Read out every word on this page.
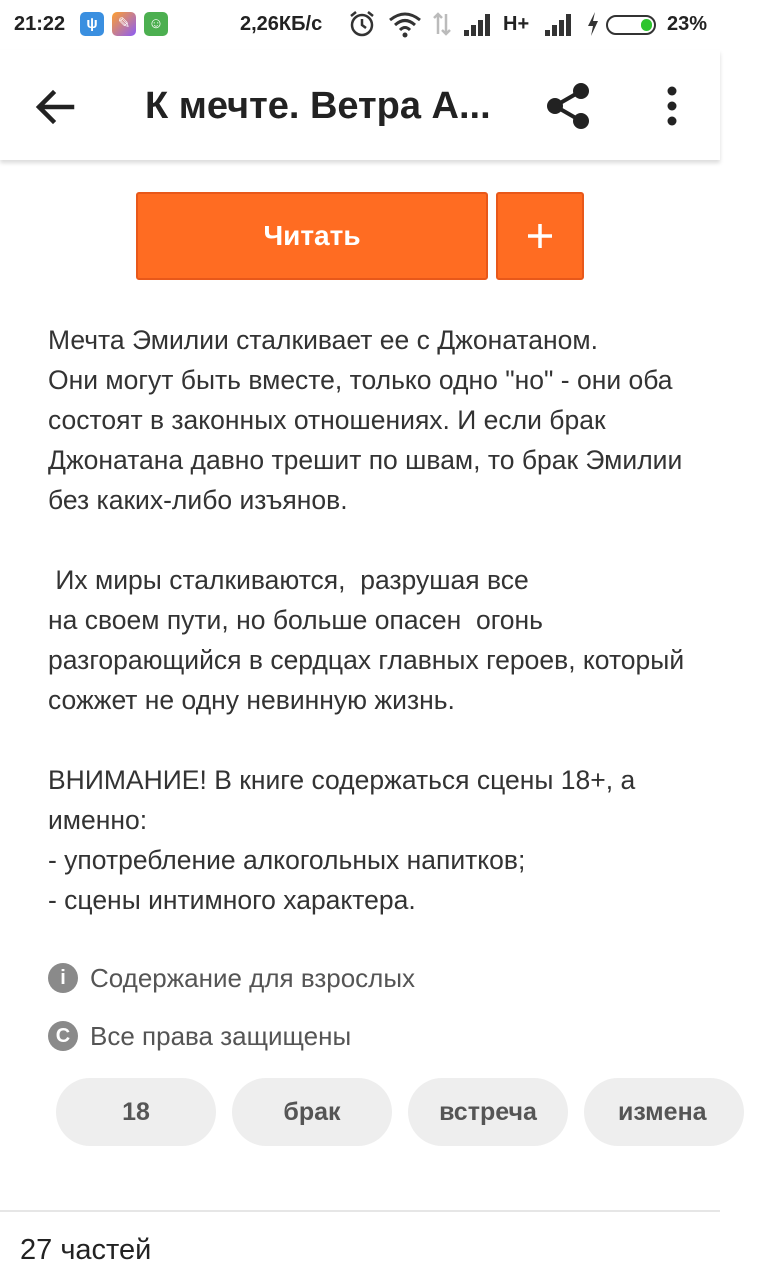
21:22	ψ	✎	☺	2,26КБ/с	H+	23%
К мечте. Ветра А...
Читать

Мечта Эмилии сталкивает ее с Джонатаном.
Они могут быть вместе, только одно "но" - они оба состоят в законных отношениях. И если брак Джонатана давно трешит по швам, то брак Эмилии без каких-либо изъянов.

Их миры сталкиваются,  разрушая все
на своем пути, но больше опасен  огонь разгорающийся в сердцах главных героев, который сожжет не одну невинную жизнь.

ВНИМАНИЕ! В книге содержаться сцены 18+, а именно:
- употребление алкогольных напитков;
- сцены интимного характера.

i Содержание для взрослых
C Все права защищены
18	брак	встреча	измена
27 частей
